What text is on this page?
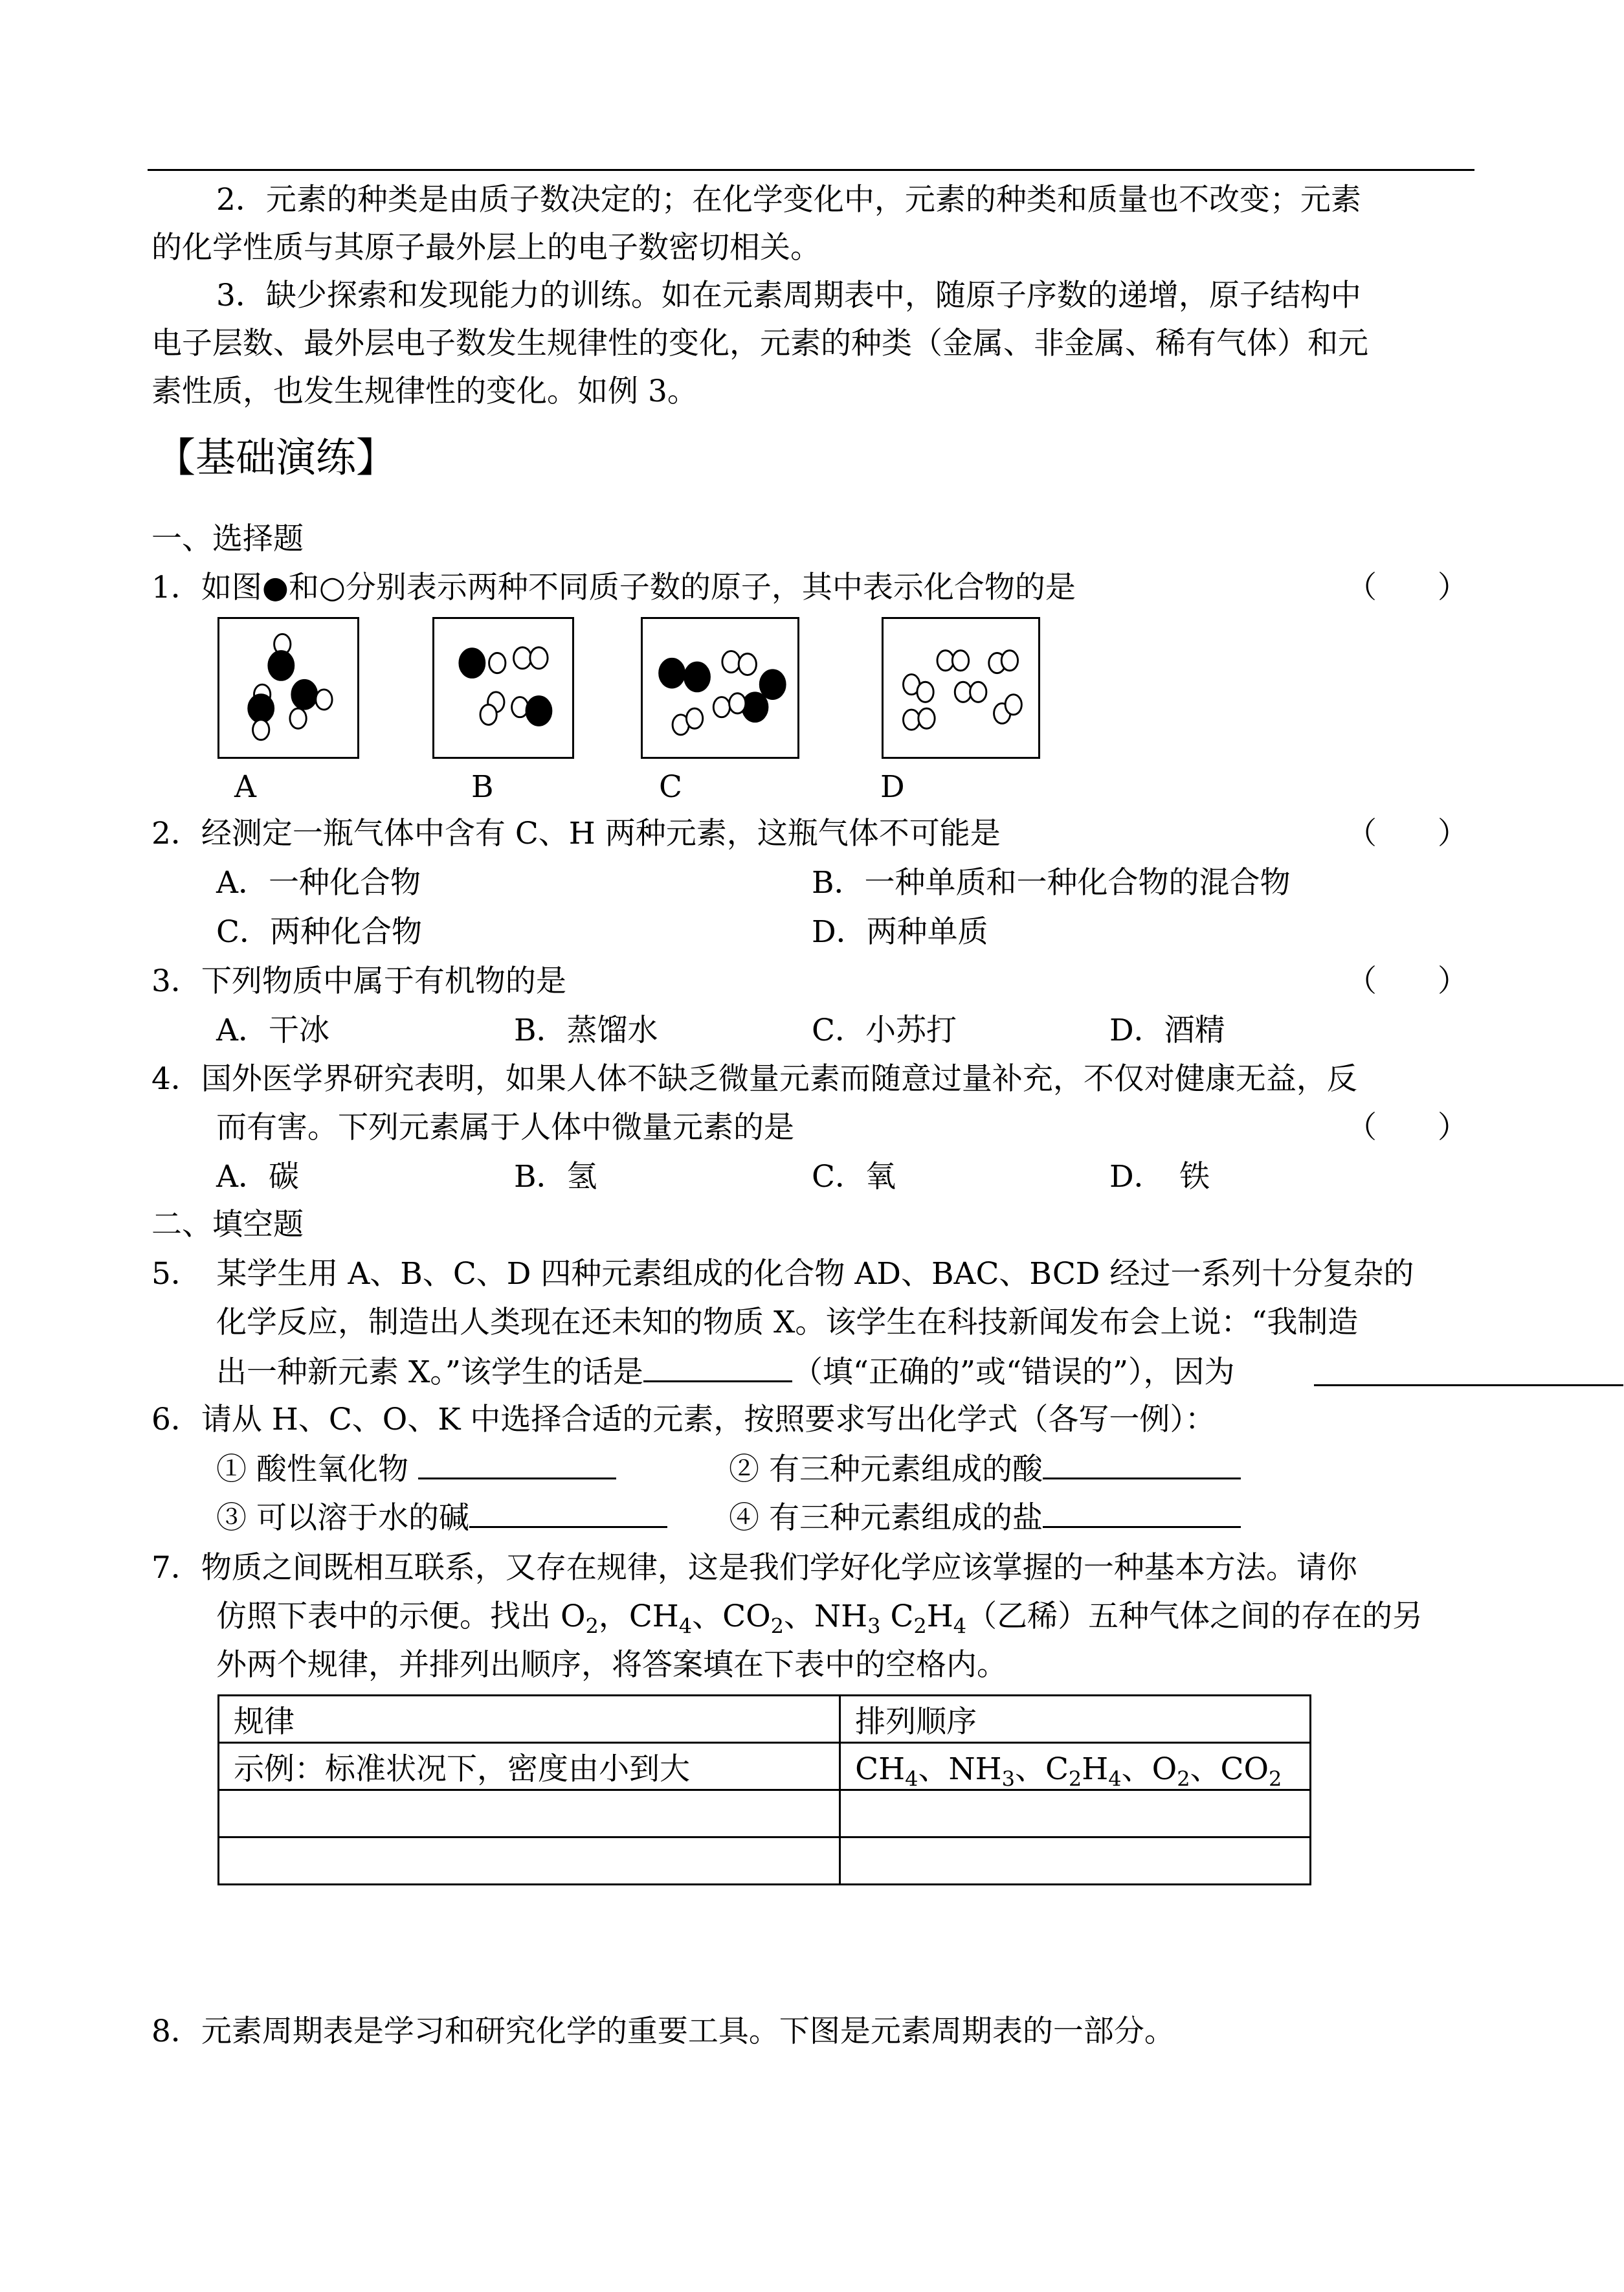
2．元素的种类是由质子数决定的；在化学变化中，元素的种类和质量也不改变；元素
的化学性质与其原子最外层上的电子数密切相关。
3．缺少探索和发现能力的训练。如在元素周期表中，随原子序数的递增，原子结构中
电子层数、最外层电子数发生规律性的变化，元素的种类（金属、非金属、稀有气体）和元
素性质，也发生规律性的变化。如例 3。
【基础演练】
一、选择题
1．如图●和○分别表示两种不同质子数的原子，其中表示化合物的是	（　　）
A	B	C	D
2．经测定一瓶气体中含有 C、H 两种元素，这瓶气体不可能是	（　　）
A．一种化合物	B．一种单质和一种化合物的混合物
C．两种化合物	D．两种单质
3．下列物质中属于有机物的是	（　　）
A．干冰	B．蒸馏水	C．小苏打	D．酒精
4．国外医学界研究表明，如果人体不缺乏微量元素而随意过量补充，不仅对健康无益，反
而有害。下列元素属于人体中微量元素的是	（　　）
A．碳	B．氢	C．氧	D．　铁
二、填空题
5．　某学生用 A、B、C、D 四种元素组成的化合物 AD、BAC、BCD 经过一系列十分复杂的
化学反应，制造出人类现在还未知的物质 X。该学生在科技新闻发布会上说：“我制造
出一种新元素 X。”该学生的话是	（填“正确的”或“错误的”），因为
6．请从 H、C、O、K 中选择合适的元素，按照要求写出化学式（各写一例）：
① 酸性氧化物	② 有三种元素组成的酸
③ 可以溶于水的碱	④ 有三种元素组成的盐
7．物质之间既相互联系，又存在规律，这是我们学好化学应该掌握的一种基本方法。请你
仿照下表中的示便。找出 $O_2$，$CH_4$、$CO_2$、$NH_3$ $C_2H_4$（乙稀）五种气体之间的存在的另
外两个规律，并排列出顺序，将答案填在下表中的空格内。
规律	排列顺序
示例：标准状况下，密度由小到大	$CH_4$、$NH_3$、$C_2H_4$、$O_2$、$CO_2$

8．元素周期表是学习和研究化学的重要工具。下图是元素周期表的一部分。
